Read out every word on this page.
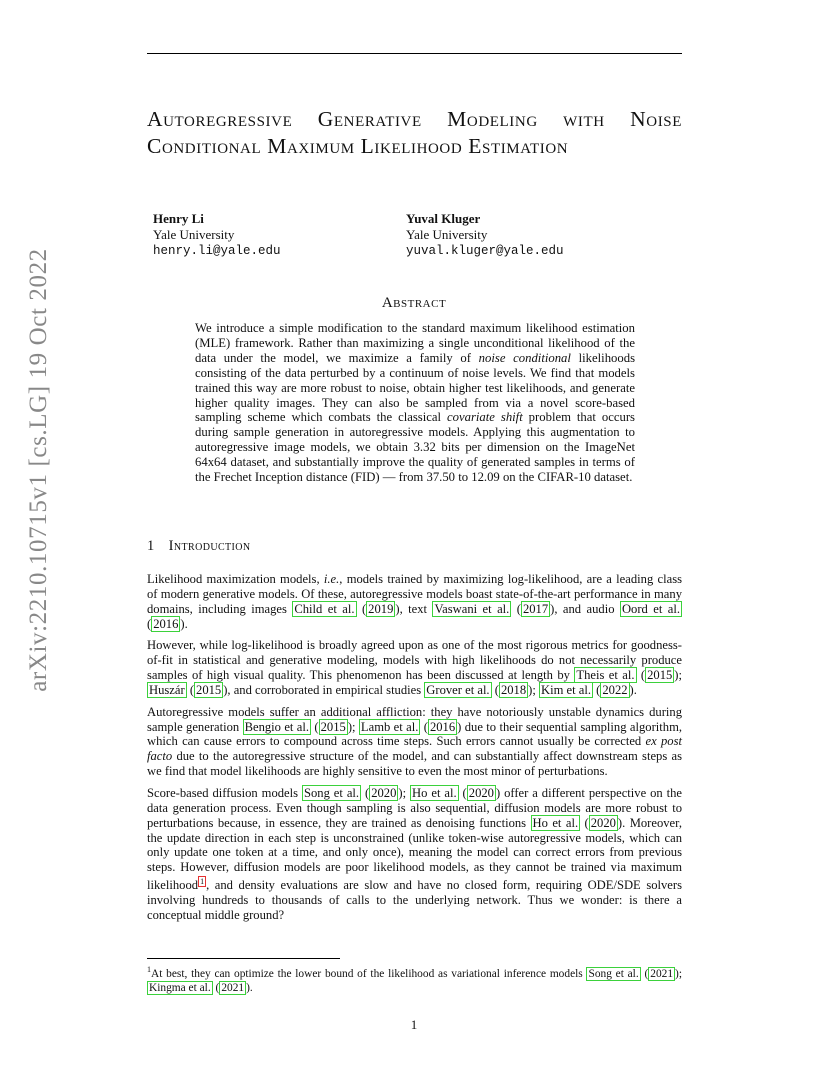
arXiv:2210.10715v1 [cs.LG] 19 Oct 2022
Autoregressive Generative Modeling with Noise Conditional Maximum Likelihood Estimation
Henry Li
Yale University
henry.li@yale.edu
Yuval Kluger
Yale University
yuval.kluger@yale.edu
Abstract
We introduce a simple modification to the standard maximum likelihood estimation (MLE) framework. Rather than maximizing a single unconditional likelihood of the data under the model, we maximize a family of noise conditional likelihoods consisting of the data perturbed by a continuum of noise levels. We find that models trained this way are more robust to noise, obtain higher test likelihoods, and generate higher quality images. They can also be sampled from via a novel score-based sampling scheme which combats the classical covariate shift problem that occurs during sample generation in autoregressive models. Applying this augmentation to autoregressive image models, we obtain 3.32 bits per dimension on the ImageNet 64x64 dataset, and substantially improve the quality of generated samples in terms of the Frechet Inception distance (FID) — from 37.50 to 12.09 on the CIFAR-10 dataset.
1 Introduction

Likelihood maximization models, i.e., models trained by maximizing log-likelihood, are a leading class of modern generative models. Of these, autoregressive models boast state-of-the-art performance in many domains, including images Child et al. ( 2019 ), text Vaswani et al. ( 2017 ), and audio Oord et al. ( 2016 ).

However, while log-likelihood is broadly agreed upon as one of the most rigorous metrics for goodness-of-fit in statistical and generative modeling, models with high likelihoods do not necessarily produce samples of high visual quality. This phenomenon has been discussed at length by Theis et al. ( 2015 ); Huszár ( 2015 ), and corroborated in empirical studies Grover et al. ( 2018 ); Kim et al. ( 2022 ).

Autoregressive models suffer an additional affliction: they have notoriously unstable dynamics during sample generation Bengio et al. ( 2015 ); Lamb et al. ( 2016 ) due to their sequential sampling algorithm, which can cause errors to compound across time steps. Such errors cannot usually be corrected ex post facto due to the autoregressive structure of the model, and can substantially affect downstream steps as we find that model likelihoods are highly sensitive to even the most minor of perturbations.

Score-based diffusion models Song et al. ( 2020 ); Ho et al. ( 2020 ) offer a different perspective on the data generation process. Even though sampling is also sequential, diffusion models are more robust to perturbations because, in essence, they are trained as denoising functions Ho et al. ( 2020 ). Moreover, the update direction in each step is unconstrained (unlike token-wise autoregressive models, which can only update one token at a time, and only once), meaning the model can correct errors from previous steps. However, diffusion models are poor likelihood models, as they cannot be trained via maximum likelihood $^1$ , and density evaluations are slow and have no closed form, requiring ODE/SDE solvers involving hundreds to thousands of calls to the underlying network. Thus we wonder: is there a conceptual middle ground?

$^1$At best, they can optimize the lower bound of the likelihood as variational inference models Song et al. ( 2021 ); Kingma et al. ( 2021 ).
1
